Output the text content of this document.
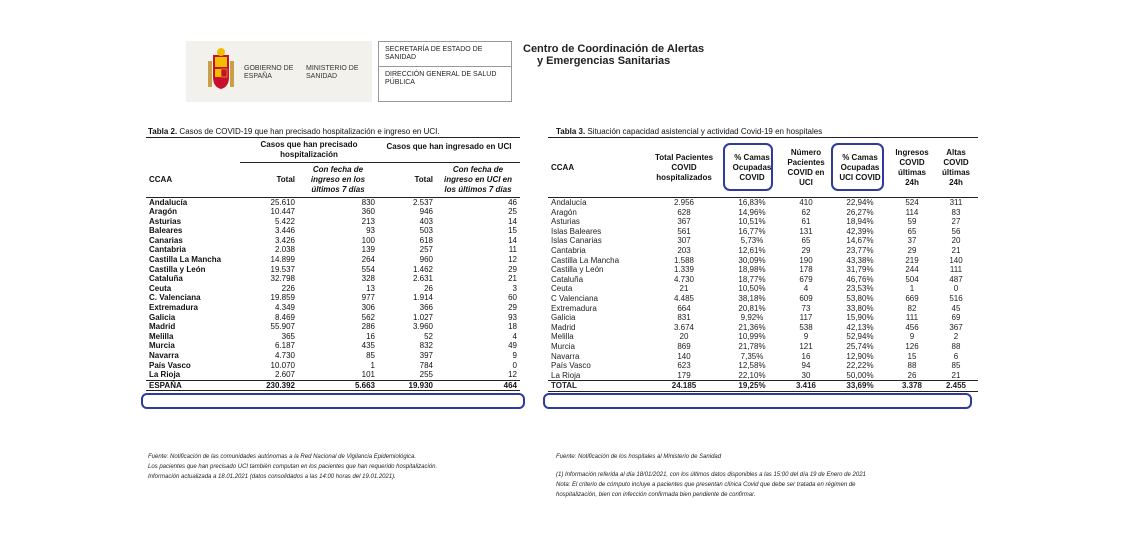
GOBIERNO DE ESPAÑA
MINISTERIO DE SANIDAD
SECRETARÍA DE ESTADO DE SANIDAD
DIRECCIÓN GENERAL DE SALUD PÚBLICA
Centro de Coordinación de Alertas
y Emergencias Sanitarias
Tabla 2. Casos de COVID-19 que han precisado hospitalización e ingreso en UCI.
	Casos que han precisado hospitalización		Casos que han ingresado en UCI	
CCAA	Total	Con fecha de ingreso en los últimos 7 días	Total	Con fecha de ingreso en UCI en los últimos 7 días
Andalucía	25.610	830	2.537	46
Aragón	10.447	360	946	25
Asturias	5.422	213	403	14
Baleares	3.446	93	503	15
Canarias	3.426	100	618	14
Cantabria	2.038	139	257	11
Castilla La Mancha	14.899	264	960	12
Castilla y León	19.537	554	1.462	29
Cataluña	32.798	328	2.631	21
Ceuta	226	13	26	3
C. Valenciana	19.859	977	1.914	60
Extremadura	4.349	306	366	29
Galicia	8.469	562	1.027	93
Madrid	55.907	286	3.960	18
Melilla	365	16	52	4
Murcia	6.187	435	832	49
Navarra	4.730	85	397	9
País Vasco	10.070	1	784	0
La Rioja	2.607	101	255	12
ESPAÑA	230.392	5.663	19.930	464
Fuente: Notificación de las comunidades autónomas a la Red Nacional de Vigilancia Epidemiológica.
Los pacientes que han precisado UCI también computan en los pacientes que han requerido hospitalización.
Información actualizada a 18.01.2021 (datos consolidados a las 14:00 horas del 19.01.2021).
Tabla 3. Situación capacidad asistencial y actividad Covid-19 en hospitales
CCAA	Total Pacientes COVID hospitalizados	% Camas Ocupadas COVID	Número Pacientes COVID en UCI	% Camas Ocupadas UCI COVID	Ingresos COVID últimas 24h	Altas COVID últimas 24h
Andalucía	2.956	16,83%	410	22,94%	524	311
Aragón	628	14,96%	62	26,27%	114	83
Asturias	367	10,51%	61	18,94%	59	27
Islas Baleares	561	16,77%	131	42,39%	65	56
Islas Canarias	307	5,73%	65	14,67%	37	20
Cantabria	203	12,61%	29	23,77%	29	21
Castilla La Mancha	1.588	30,09%	190	43,38%	219	140
Castilla y León	1.339	18,98%	178	31,79%	244	111
Cataluña	4.730	18,77%	679	46,76%	504	487
Ceuta	21	10,50%	4	23,53%	1	0
C Valenciana	4.485	38,18%	609	53,80%	669	516
Extremadura	664	20,81%	73	33,80%	82	45
Galicia	831	9,92%	117	15,90%	111	69
Madrid	3.674	21,36%	538	42,13%	456	367
Melilla	20	10,99%	9	52,94%	9	2
Murcia	869	21,78%	121	25,74%	126	88
Navarra	140	7,35%	16	12,90%	15	6
País Vasco	623	12,58%	94	22,22%	88	85
La Rioja	179	22,10%	30	50,00%	26	21
TOTAL	24.185	19,25%	3.416	33,69%	3.378	2.455
Fuente: Notificación de los hospitales al Ministerio de Sanidad
(1) Información referida al día 18/01/2021, con los últimos datos disponibles a las 15:00 del día 19 de Enero de 2021
Nota: El criterio de cómputo incluye a pacientes que presentan clínica Covid que debe ser tratada en régimen de
hospitalización, bien con infección confirmada bien pendiente de confirmar.
